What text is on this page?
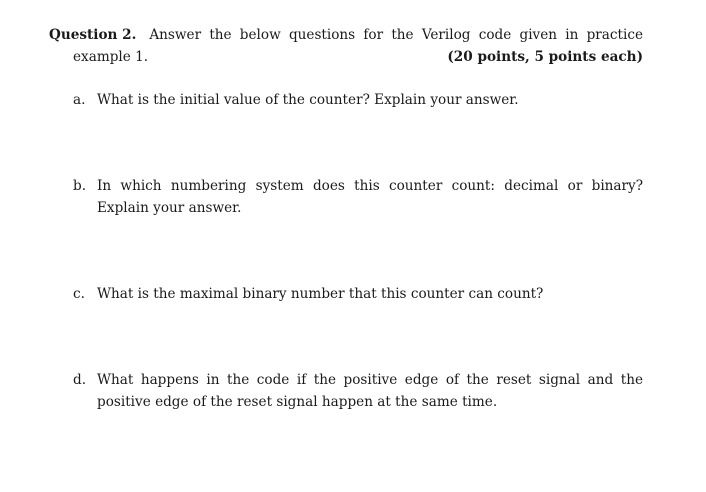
Question 2. Answer the below questions for the Verilog code given in practice
example 1.	(20 points, 5 points each)
a. What is the initial value of the counter? Explain your answer.
b. In which numbering system does this counter count: decimal or binary? Explain your answer.
c. What is the maximal binary number that this counter can count?
d. What happens in the code if the positive edge of the reset signal and the positive edge of the reset signal happen at the same time.
